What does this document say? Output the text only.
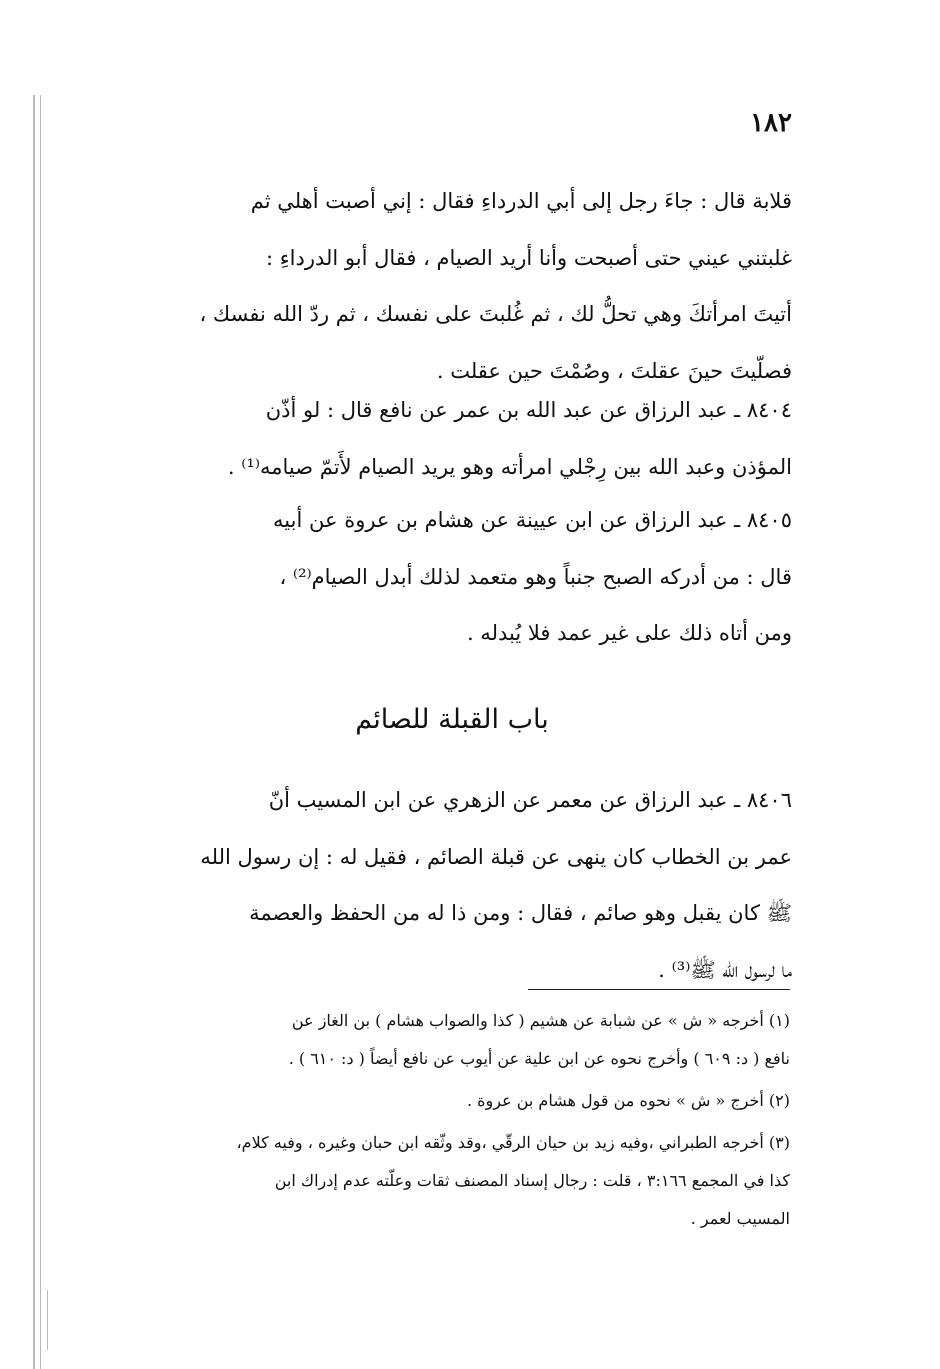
١٨٢
قلابة قال : جاءَ رجل إلى أبي الدرداءِ فقال : إني أصبت أهلي ثم
غلبتني عيني حتى أصبحت وأنا أريد الصيام ، فقال أبو الدرداءِ :
أتيتَ امرأتكَ وهي تحلُّ لك ، ثم غُلبتَ على نفسك ، ثم ردّ الله نفسك ،
فصلّيتَ حينَ عقلتَ ، وصُمْتَ حين عقلت .
٨٤٠٤ ـ عبد الرزاق عن عبد الله بن عمر عن نافع قال : لو أذّن
المؤذن وعبد الله بين رِجْلي امرأته وهو يريد الصيام لأَتمّ صيامه⁽¹⁾ .
٨٤٠٥ ـ عبد الرزاق عن ابن عيينة عن هشام بن عروة عن أبيه
قال : من أدركه الصبح جنباً وهو متعمد لذلك أبدل الصيام⁽²⁾ ،
ومن أتاه ذلك على غير عمد فلا يُبدله .
باب القبلة للصائم
٨٤٠٦ ـ عبد الرزاق عن معمر عن الزهري عن ابن المسيب أنّ
عمر بن الخطاب كان ينهى عن قبلة الصائم ، فقيل له : إن رسول الله
ﷺ كان يقبل وهو صائم ، فقال : ومن ذا له من الحفظ والعصمة
ما لرسول الله ﷺ⁽³⁾ .
(١) أخرجه « ش » عن شبابة عن هشيم ( كذا والصواب هشام ) بن الغاز عن
نافع ( د: ٦٠٩ ) وأخرج نحوه عن ابن علية عن أيوب عن نافع أيضاً ( د: ٦١٠ ) .
(٢) أخرج « ش » نحوه من قول هشام بن عروة .
(٣) أخرجه الطبراني ،وفيه زيد بن حيان الرقّي ،وقد وثّقه ابن حبان وغيره ، وفيه كلام،
كذا في المجمع ٣:١٦٦ ، قلت : رجال إسناد المصنف ثقات وعلّته عدم إدراك ابن
المسيب لعمر .
